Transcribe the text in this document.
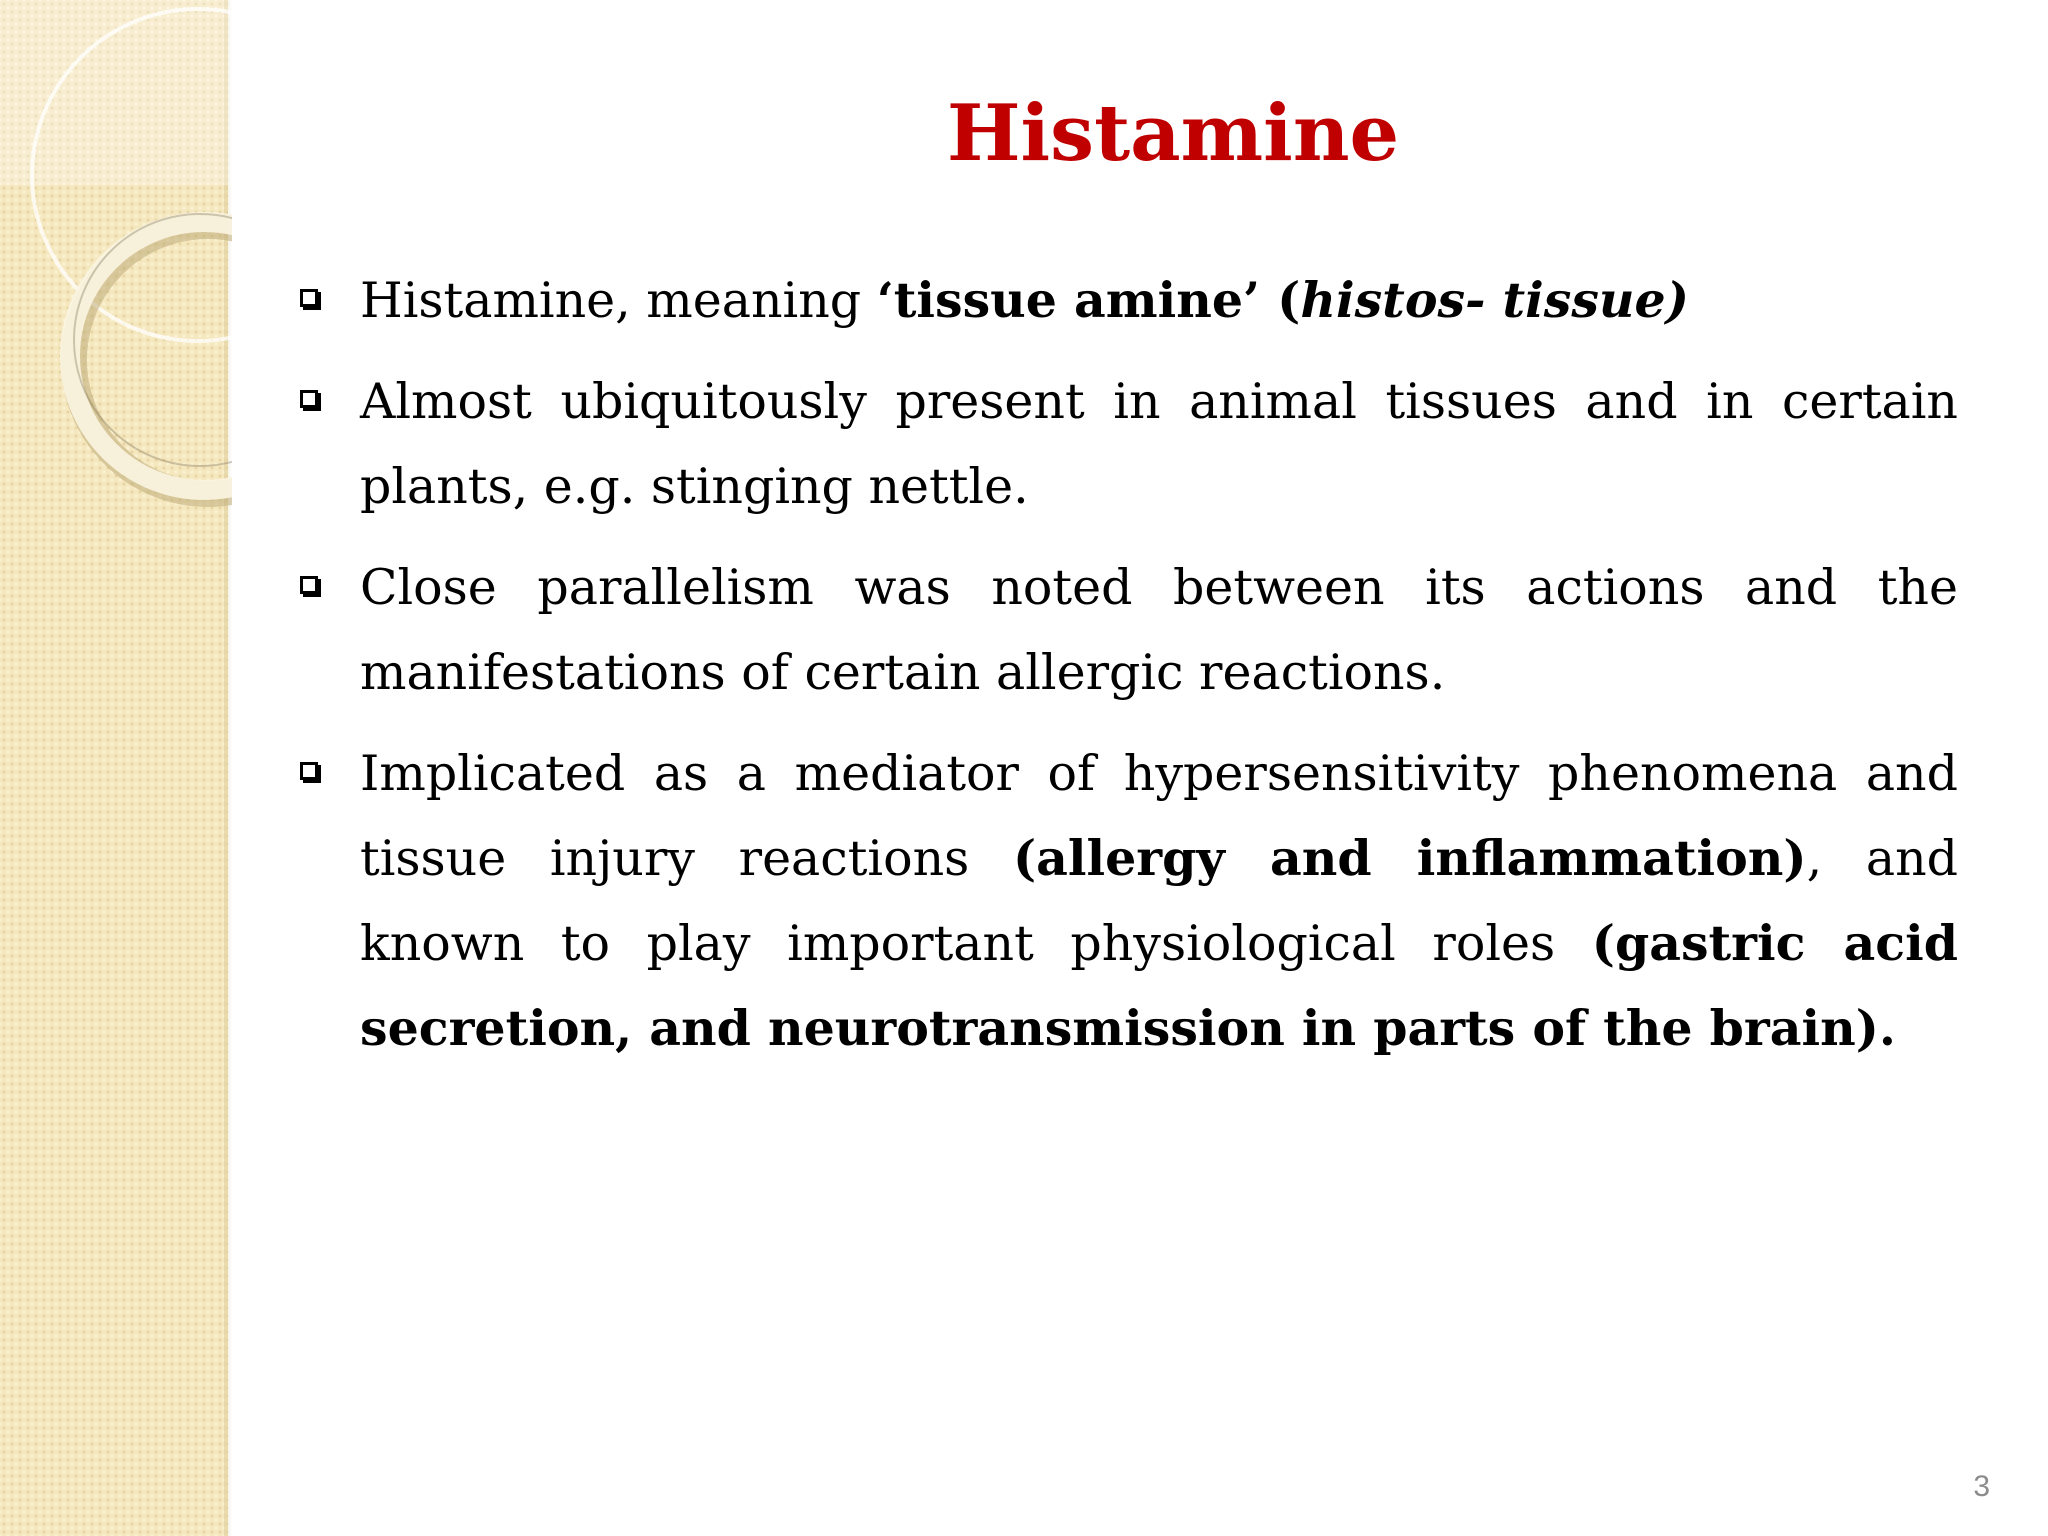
Histamine
Histamine, meaning ‘tissue amine’ (histos- tissue)
Almost ubiquitously present in animal tissues and in certain plants, e.g. stinging nettle.
Close parallelism was noted between its actions and the manifestations of certain allergic reactions.
Implicated as a mediator of hypersensitivity phenomena and tissue injury reactions (allergy and inflammation), and known to play important physiological roles (gastric acid secretion, and neurotransmission in parts of the brain).
3
